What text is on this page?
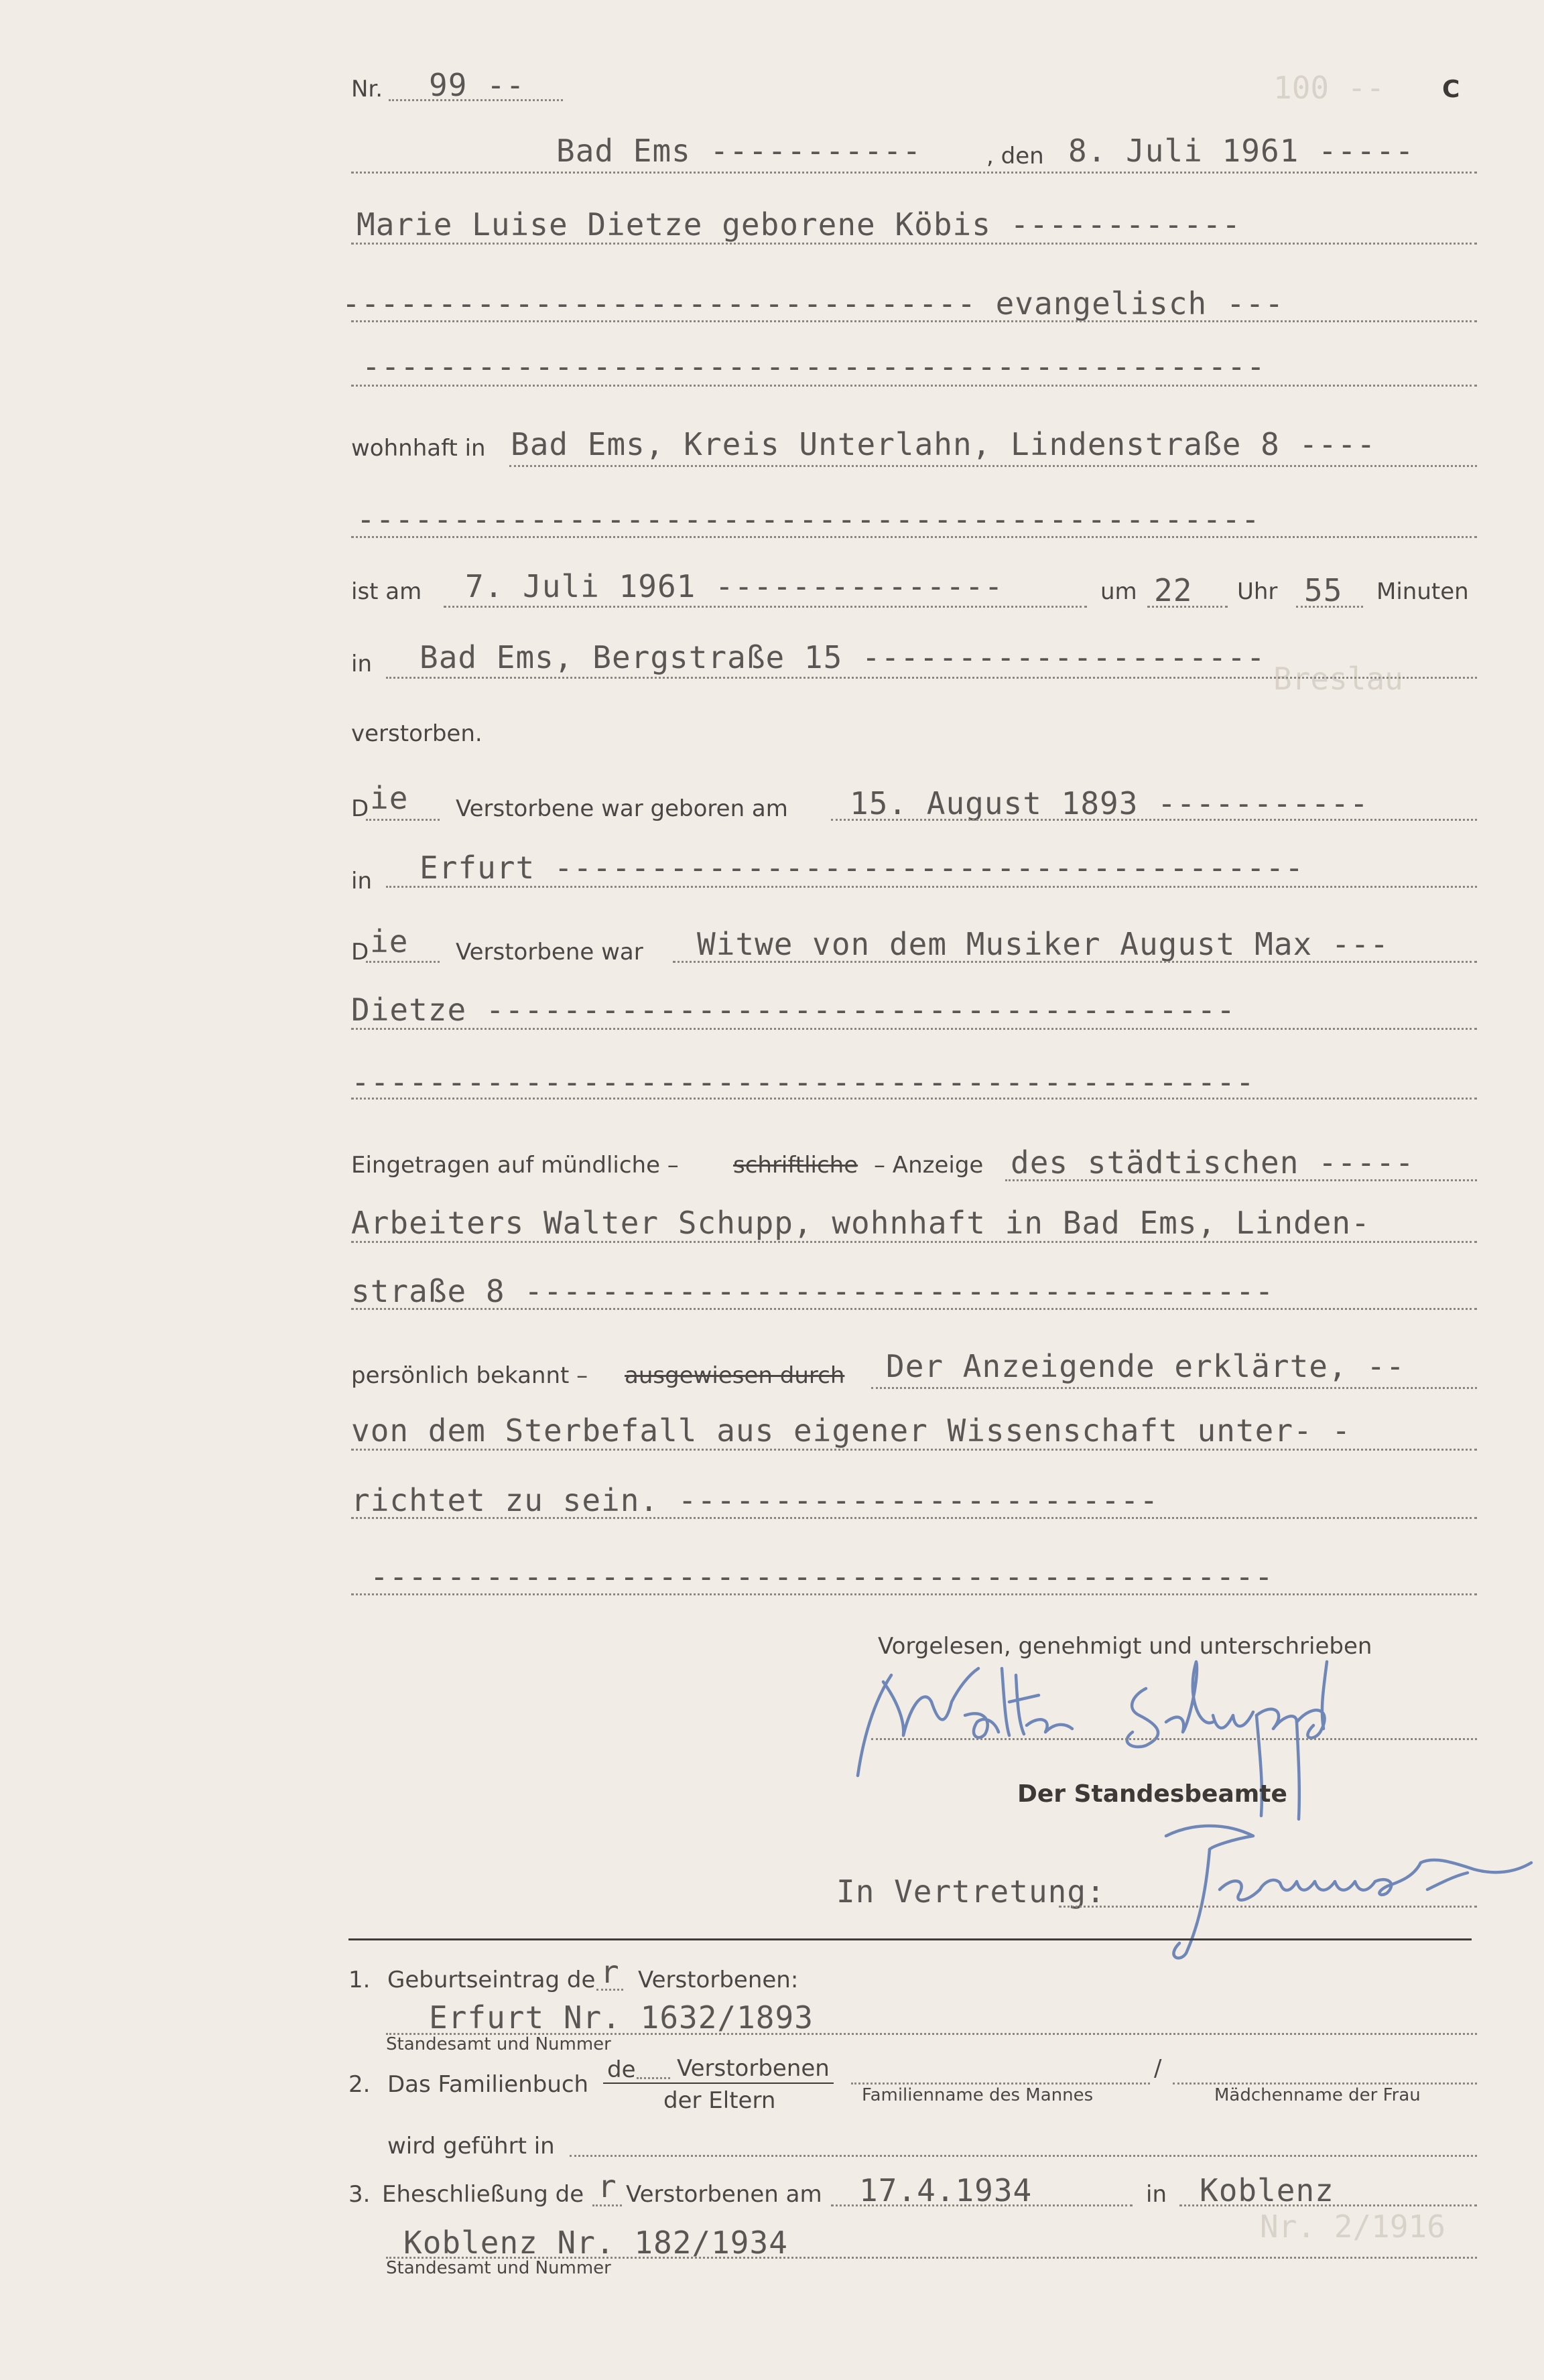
100 --
Breslau
Nr. 2/1916
Nr. 99 --	C
Bad Ems -----------	, den 8. Juli 1961 -----
Marie Luise Dietze geborene Köbis ------------
--------------------------------- evangelisch ---
-----------------------------------------------
wohnhaft in Bad Ems, Kreis Unterlahn, Lindenstraße 8 ----
-----------------------------------------------
ist am 7. Juli 1961 ---------------	um 22 Uhr 55 Minuten
in Bad Ems, Bergstraße 15 ---------------------
verstorben.
D ie Verstorbene war geboren am 15. August 1893 -----------
in Erfurt ---------------------------------------
D ie Verstorbene war Witwe von dem Musiker August Max ---
Dietze ---------------------------------------
-----------------------------------------------
Eingetragen auf mündliche – schriftliche – Anzeige des städtischen -----
Arbeiters Walter Schupp, wohnhaft in Bad Ems, Linden-
straße 8 ---------------------------------------
persönlich bekannt – ausgewiesen durch Der Anzeigende erklärte, --
von dem Sterbefall aus eigener Wissenschaft unter- -
richtet zu sein. -------------------------
-----------------------------------------------
Vorgelesen, genehmigt und unterschrieben
Der Standesbeamte
In Vertretung:
1. Geburtseintrag de r Verstorbenen:
Erfurt Nr. 1632/1893
Standesamt und Nummer
2. Das Familienbuch
de Verstorbenen
der Eltern
/
Familienname des Mannes	Mädchenname der Frau
wird geführt in
3. Eheschließung de r Verstorbenen am 17.4.1934	in Koblenz
Koblenz Nr. 182/1934
Standesamt und Nummer
